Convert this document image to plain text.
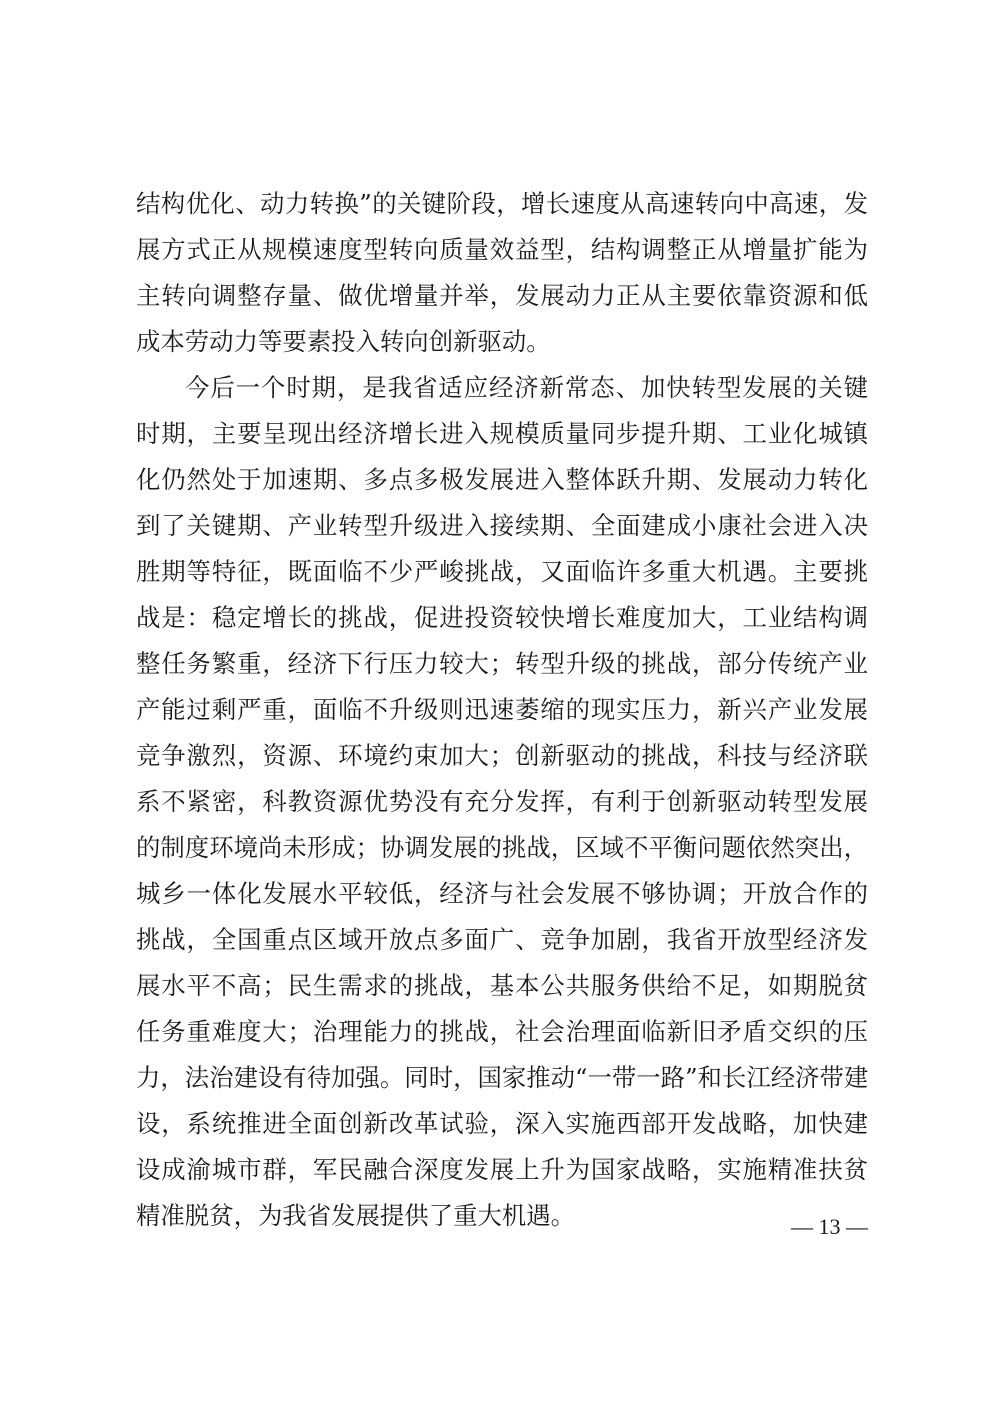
结构优化、动力转换”的关键阶段，增长速度从高速转向中高速，发
展方式正从规模速度型转向质量效益型，结构调整正从增量扩能为
主转向调整存量、做优增量并举，发展动力正从主要依靠资源和低
成本劳动力等要素投入转向创新驱动。
今后一个时期，是我省适应经济新常态、加快转型发展的关键
时期，主要呈现出经济增长进入规模质量同步提升期、工业化城镇
化仍然处于加速期、多点多极发展进入整体跃升期、发展动力转化
到了关键期、产业转型升级进入接续期、全面建成小康社会进入决
胜期等特征，既面临不少严峻挑战，又面临许多重大机遇。主要挑
战是：稳定增长的挑战，促进投资较快增长难度加大，工业结构调
整任务繁重，经济下行压力较大；转型升级的挑战，部分传统产业
产能过剩严重，面临不升级则迅速萎缩的现实压力，新兴产业发展
竞争激烈，资源、环境约束加大；创新驱动的挑战，科技与经济联
系不紧密，科教资源优势没有充分发挥，有利于创新驱动转型发展
的制度环境尚未形成；协调发展的挑战，区域不平衡问题依然突出，
城乡一体化发展水平较低，经济与社会发展不够协调；开放合作的
挑战，全国重点区域开放点多面广、竞争加剧，我省开放型经济发
展水平不高；民生需求的挑战，基本公共服务供给不足，如期脱贫
任务重难度大；治理能力的挑战，社会治理面临新旧矛盾交织的压
力，法治建设有待加强。同时，国家推动“一带一路”和长江经济带建
设，系统推进全面创新改革试验，深入实施西部开发战略，加快建
设成渝城市群，军民融合深度发展上升为国家战略，实施精准扶贫
精准脱贫，为我省发展提供了重大机遇。	— 13 —
